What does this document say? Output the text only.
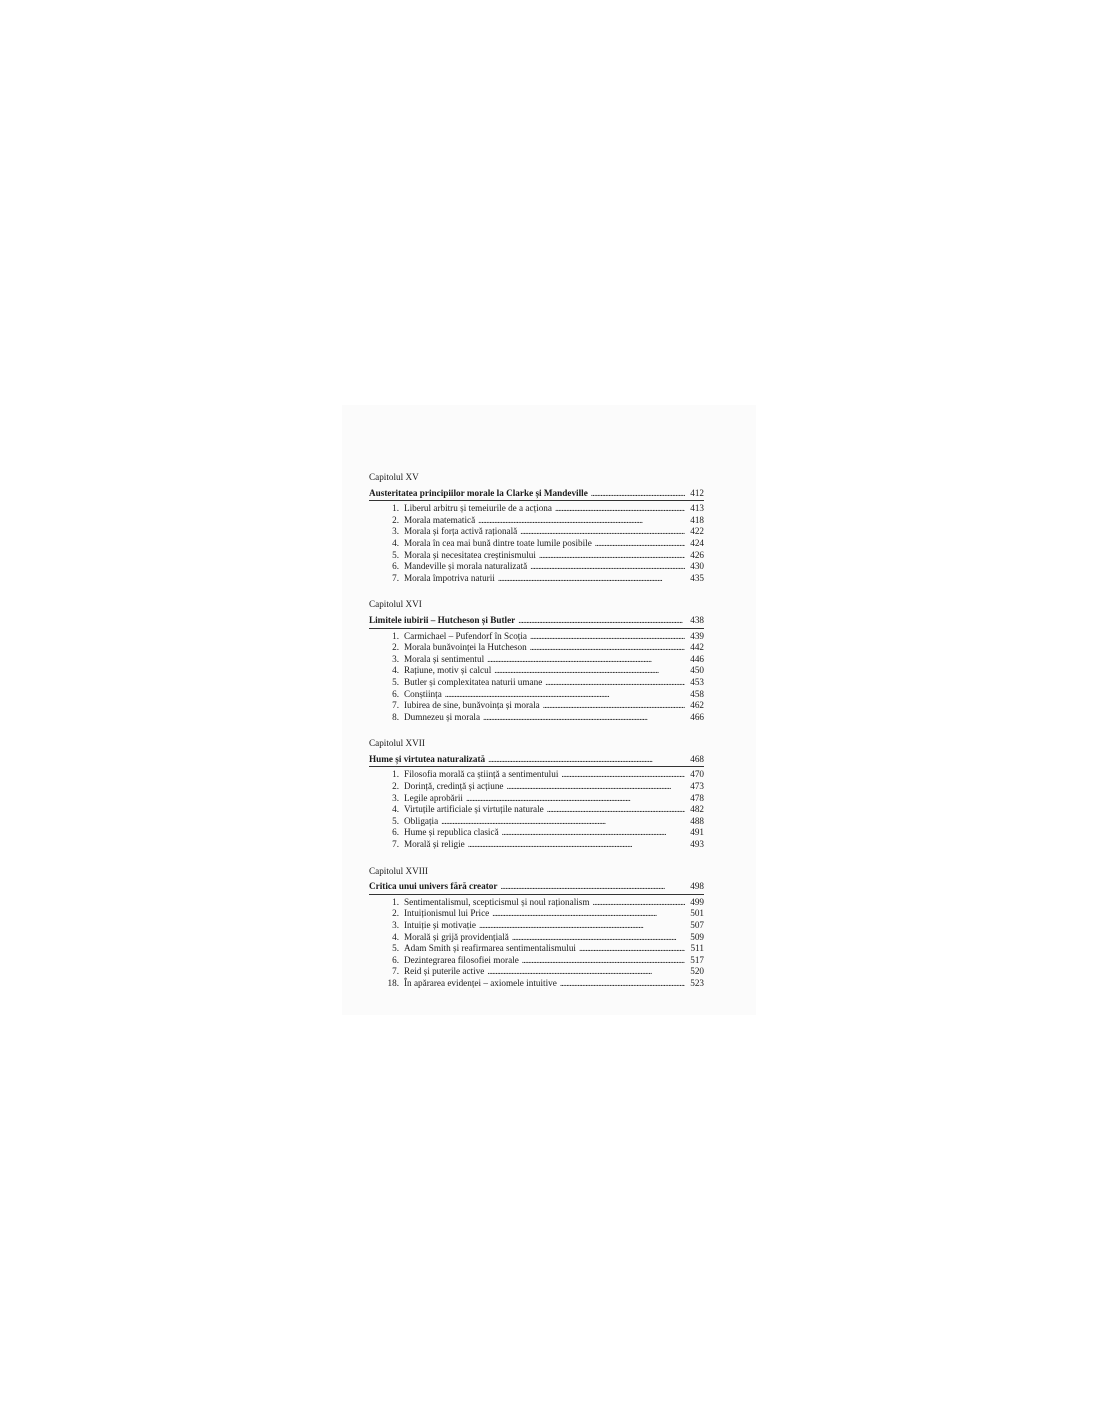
Capitolul XV
Austeritatea principiilor morale la Clarke și Mandeville . . .	412
1. Liberul arbitru și temeiurile de a acționa . . .	413
2. Morala matematică . . .	418
3. Morala și forța activă rațională . . .	422
4. Morala în cea mai bună dintre toate lumile posibile . . .	424
5. Morala și necesitatea creștinismului . . .	426
6. Mandeville și morala naturalizată . . .	430
7. Morala împotriva naturii . . .	435
Capitolul XVI
Limitele iubirii – Hutcheson și Butler . . .	438
1. Carmichael – Pufendorf în Scoția . . .	439
2. Morala bunăvoinței la Hutcheson . . .	442
3. Morala și sentimentul . . .	446
4. Rațiune, motiv și calcul . . .	450
5. Butler și complexitatea naturii umane . . .	453
6. Conștiința . . .	458
7. Iubirea de sine, bunăvoința și morala . . .	462
8. Dumnezeu și morala . . .	466
Capitolul XVII
Hume și virtutea naturalizată . . .	468
1. Filosofia morală ca știință a sentimentului . . .	470
2. Dorință, credință și acțiune . . .	473
3. Legile aprobării . . .	478
4. Virtuțile artificiale și virtuțile naturale . . .	482
5. Obligația . . .	488
6. Hume și republica clasică . . .	491
7. Morală și religie . . .	493
Capitolul XVIII
Critica unui univers fără creator . . .	498
1. Sentimentalismul, scepticismul și noul raționalism . . .	499
2. Intuiționismul lui Price . . .	501
3. Intuiție și motivație . . .	507
4. Morală și grijă providențială . . .	509
5. Adam Smith și reafirmarea sentimentalismului . . .	511
6. Dezintegrarea filosofiei morale . . .	517
7. Reid și puterile active . . .	520
18. În apărarea evidenței – axiomele intuitive . . .	523
